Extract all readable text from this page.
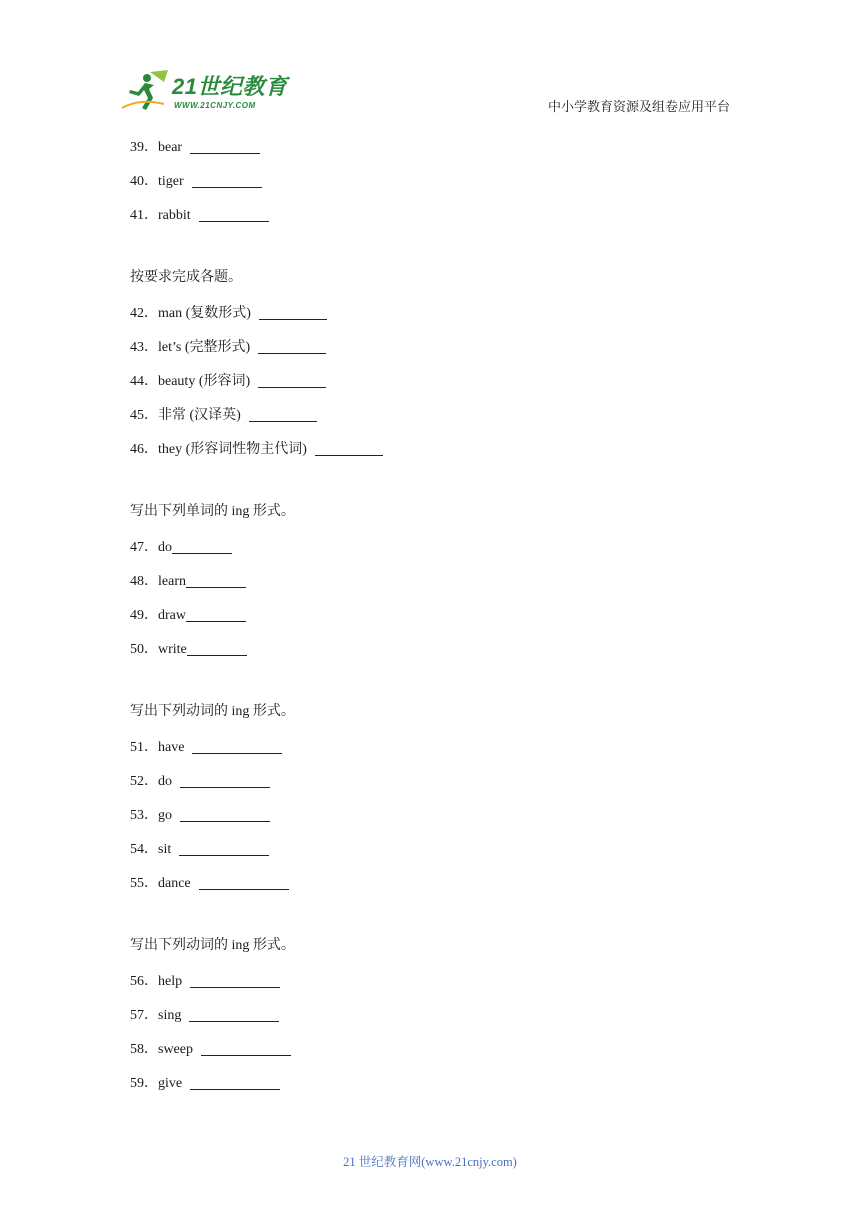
21世纪教育
WWW.21CNJY.COM	中小学教育资源及组卷应用平台
39．bear
40．tiger
41．rabbit
按要求完成各题。
42．man (复数形式)
43．let’s (完整形式)
44．beauty (形容词)
45．非常 (汉译英)
46．they (形容词性物主代词)
写出下列单词的 ing 形式。
47．do
48．learn
49．draw
50．write
写出下列动词的 ing 形式。
51．have
52．do
53．go
54．sit
55．dance
写出下列动词的 ing 形式。
56．help
57．sing
58．sweep
59．give
21 世纪教育网(www.21cnjy.com)
